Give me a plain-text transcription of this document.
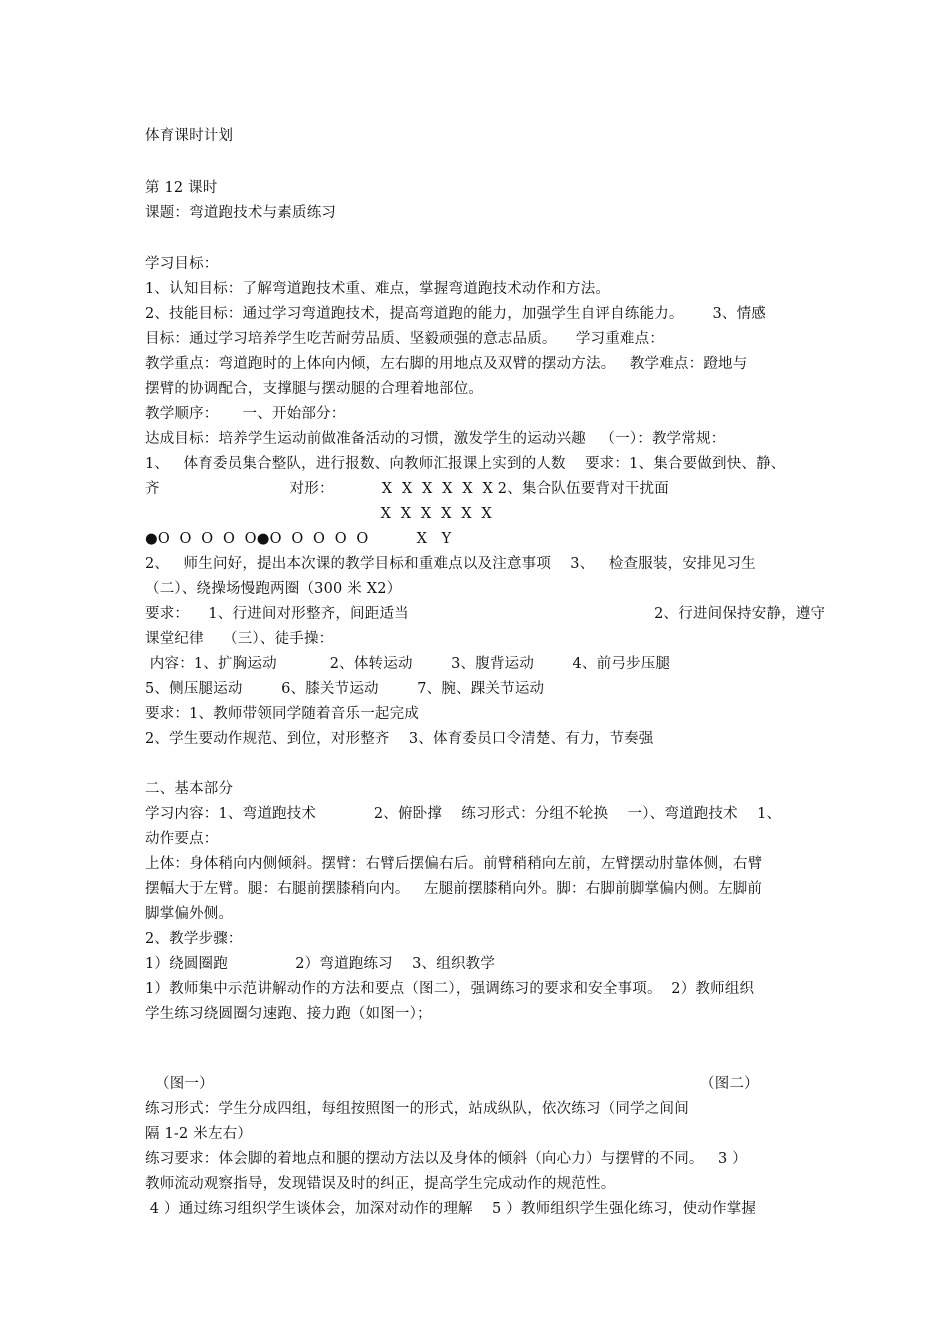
体育课时计划
第 12 课时
课题：弯道跑技术与素质练习
学习目标：
1、认知目标：了解弯道跑技术重、难点，掌握弯道跑技术动作和方法。
2、技能目标：通过学习弯道跑技术，提高弯道跑的能力，加强学生自评自练能力。      3、情感
目标：通过学习培养学生吃苦耐劳品质、坚毅顽强的意志品质。    学习重难点：
教学重点：弯道跑时的上体向内倾，左右脚的用地点及双臂的摆动方法。   教学难点：蹬地与
摆臂的协调配合，支撑腿与摆动腿的合理着地部位。
教学顺序：     一、开始部分：
达成目标：培养学生运动前做准备活动的习惯，激发学生的运动兴趣   （一）：教学常规：
1、   体育委员集合整队，进行报数、向教师汇报课上实到的人数    要求：1、集合要做到快、静、
齐                           对形：          X  X  X  X  X  X 2、集合队伍要背对干扰面
X  X  X  X  X  X
●O  O  O  O  O●O  O  O  O  O          X   Y
2、   师生问好，提出本次课的教学目标和重难点以及注意事项    3、   检查服装，安排见习生
（二）、绕操场慢跑两圈（300 米 X2）
要求：    1、行进间对形整齐，间距适当                                                   2、行进间保持安静，遵守
课堂纪律    （三）、徒手操：
内容：1、扩胸运动           2、体转运动        3、腹背运动        4、前弓步压腿
5、侧压腿运动        6、膝关节运动        7、腕、踝关节运动
要求：1、教师带领同学随着音乐一起完成
2、学生要动作规范、到位，对形整齐    3、体育委员口令清楚、有力，节奏强
二、基本部分
学习内容：1、弯道跑技术            2、俯卧撑    练习形式：分组不轮换    一）、弯道跑技术    1、
动作要点：
上体：身体稍向内侧倾斜。摆臂：右臂后摆偏右后。前臂稍稍向左前，左臂摆动肘靠体侧，右臂
摆幅大于左臂。腿：右腿前摆膝稍向内。   左腿前摆膝稍向外。脚：右脚前脚掌偏内侧。左脚前
脚掌偏外侧。
2、教学步骤：
1）绕圆圈跑              2）弯道跑练习    3、组织教学
1）教师集中示范讲解动作的方法和要点（图二），强调练习的要求和安全事项。  2）教师组织
学生练习绕圆圈匀速跑、接力跑（如图一）；
（图一）	（图二）
练习形式：学生分成四组，每组按照图一的形式，站成纵队，依次练习（同学之间间
隔 1-2 米左右）
练习要求：体会脚的着地点和腿的摆动方法以及身体的倾斜（向心力）与摆臂的不同。   3 ）
教师流动观察指导，发现错误及时的纠正，提高学生完成动作的规范性。
4 ）通过练习组织学生谈体会，加深对动作的理解    5 ）教师组织学生强化练习，使动作掌握
